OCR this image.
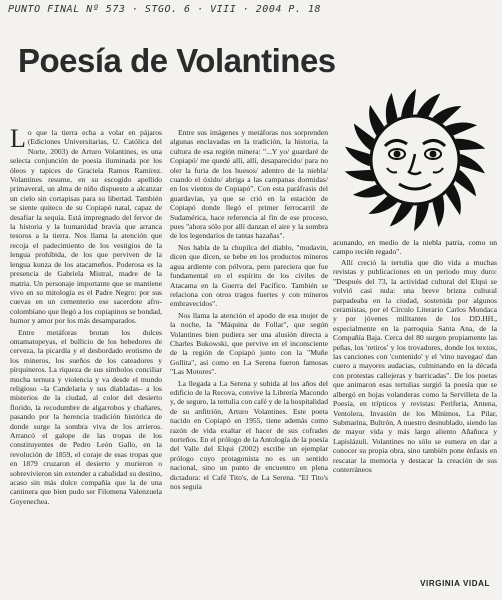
PUNTO FINAL Nº 573 · STGO. 6 · VIII · 2004 P. 18
Poesía de Volantines

Lo que la tierra echa a volar en pájaros (Ediciones Universitarias, U. Católica del Norte, 2003) de Arturo Volantines, es una selecta conjunción de poesía iluminada por los óleos y tapices de Graciela Ramos Ramírez. Volantines resume, en su escogido apellido primaveral, un alma de niño dispuesto a alcanzar un cielo sin cortapisas para su libertad. También se siente quiteco de su Copiapó natal, capaz de desafiar la sequía. Está impregnado del fervor de la historia y la humanidad bravía que arranca tesoros a la tierra. Nos llama la atención que recoja el padecimiento de los vestigios de la lengua prohibida, de los que perviven de la lengua kunza de los atacameños. Poderosa es la presencia de Gabriela Mistral, madre de la matria. Un personaje importante que se mantiene vivo en su mitología es el Padre Negro: por sus cuevas en un cementerio ese sacerdote afro-colombiano que llegó a los copiapinos se bondad, humor y amor por los más desamparados.

Entre metáforas brotan los dulces omamatopeyas, el bullicio de los bebedores de cerveza, la picardía y el desbordado erotismo de los mineros, los sueños de los cateadores y pirquineros. La riqueza de sus símbolos conciliar mucha ternura y violencia y va desde el mundo religioso –la Candelaria y sus diabladas– a los misterios de la ciudad, al color del desierto florido, la recodumbre de algarrobos y chañares, pasando por la herencia tradición histórica de donde surge la sombra viva de los arrieros. Arrancó el galope de las tropas de los constituyentes de Pedro León Gallo, en la revolución de 1859, el coraje de esas tropas que en 1879 cruzaron el desierto y murieron o sobrevivieron sin extender a cabalidad su destino, acaso sin más dulce compañía que la de una cantinera que bien pudo ser Filomena Valenzuela Goyenechea.

Entre sus imágenes y metáforas nos sorprenden algunas enclavadas en la tradición, la historia, la cultura de esa región minera: "...Y yo/ guardaré de Copiapó/ me quedé allí, allí, desaparecido/ para no oler la furia de los huesos/ adentro de la niebla/ cuando el óxido/ abriga a las campanas dormidas/ en los vientos de Copiapó". Con esta paráfrasis del guardavías, ya que se crió en la estación de Copiapó donde llegó el primer ferrocarril de Sudamérica, hace referencia al fin de ese proceso, pues "ahora sólo por allí danzan el aire y la sombra de los legendarios de tantas hazañas".

Nos habla de la chupilca del diablo, "mudavin, dicen que dicen, se bebe en los productos mineros agua ardiente con pólvora, pero pareciera que fue fundamental en el espíritu de los civiles de Atacama en la Guerra del Pacífico. También se relaciona con otros tragos fuertes y con mineros embravecidos".

Nos llama la atención el apodo de esa mujer de la noche, la "Máquina de Follar", que según Volantines bien pudiera ser una alusión directa a Charles Bukowski, que pervive en el inconsciente de la región de Copiapó junto con la "Muñe Gollita", así como en La Serena fueron famosas "Las Motores".

La llegada a La Serena y subida al los años del edificio de la Recova, convive la Librería Macondo y, de seguro, la tertulia con café y de la hospitalidad de su anfitrión, Arturo Volantines. Este poeta nacido en Copiapó en 1955, tiene además como razón de vida exaltar el hacer de sus cofrades norteños. En el prólogo de la Antología de la poesía del Valle del Elqui (2002) escribe un ejemplar prólogo cuyo protagonista no es un sentido nacional, sino un punto de encuentro en plena dictadura: el Café Tito's, de La Serena. "El Tito's nos seguía

acunando, en medio de la niebla patria, como un campo recién regado".

Allí creció la tertulia que dio vida a muchas revistas y publicaciones en un periodo muy duro: "Después del 73, la actividad cultural del Elqui se volvió casi nula: una breve brizna cultural parpadeaba en la ciudad, sostenida por algunos ceramistas, por el Círculo Literario Carlos Mondaca y por jóvenes militantes de los DD.HH., especialmente en la parroquia Santa Ana, de la Compañía Baja. Cerca del 80 surgen propiamente las peñas, los 'retiros' y los trovadores, donde los textos, las canciones con 'contenido' y el 'vino navegao' dan cuero a mayores audacias, culminando en la década con protestas callejeras y barricadas". De los poetas que animaron esas tertulias surgió la poesía que se albergó en hojas volanderas como la Servilleta de la Poesía, en trípticos y revistas: Periferia, Antena, Ventolera, Invasión de los Mínimos, La Pilar, Submarina, Bultrón, A nuestro desnublado, siendo las de mayor vida y más largo aliento Añañuca y Lapislázuli. Volantines no sólo se esmera en dar a conocer su propia obra, sino también pone énfasis en rescatar la memoria y destacar la creación de sus conterráneos

VIRGINIA VIDAL
